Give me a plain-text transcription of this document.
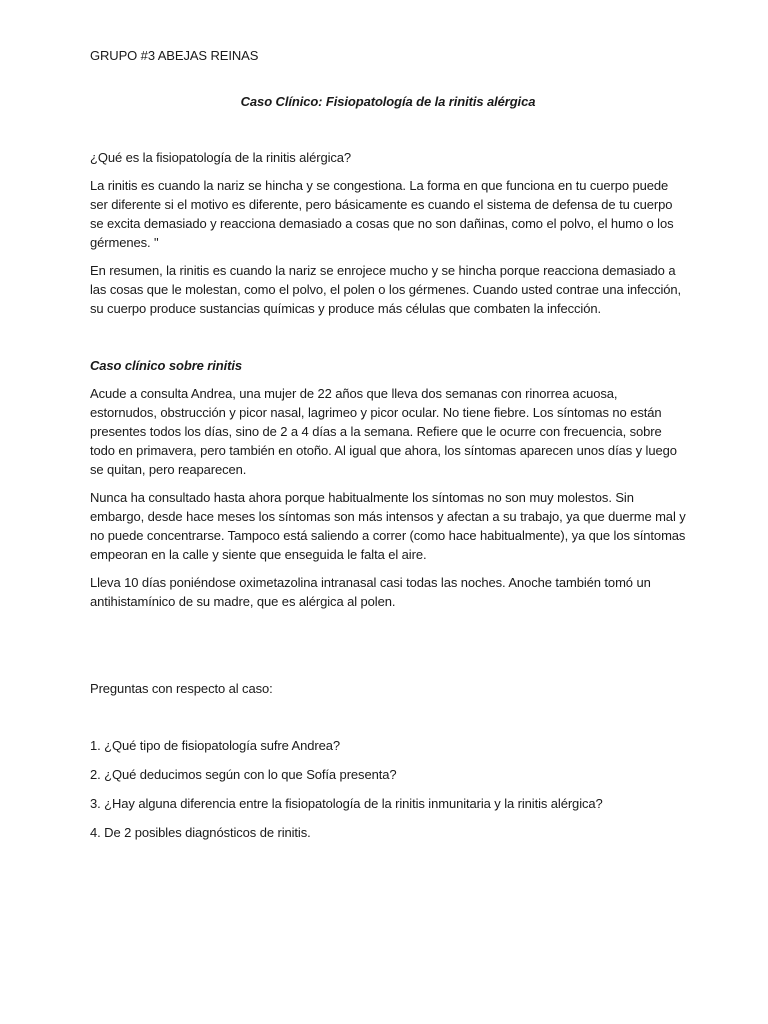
GRUPO #3 ABEJAS REINAS

Caso Clínico: Fisiopatología de la rinitis alérgica

¿Qué es la fisiopatología de la rinitis alérgica?

La rinitis es cuando la nariz se hincha y se congestiona. La forma en que funciona en tu cuerpo puede ser diferente si el motivo es diferente, pero básicamente es cuando el sistema de defensa de tu cuerpo se excita demasiado y reacciona demasiado a cosas que no son dañinas, como el polvo, el humo o los gérmenes. "

En resumen, la rinitis es cuando la nariz se enrojece mucho y se hincha porque reacciona demasiado a las cosas que le molestan, como el polvo, el polen o los gérmenes. Cuando usted contrae una infección, su cuerpo produce sustancias químicas y produce más células que combaten la infección.

Caso clínico sobre rinitis

Acude a consulta Andrea, una mujer de 22 años que lleva dos semanas con rinorrea acuosa, estornudos, obstrucción y picor nasal, lagrimeo y picor ocular. No tiene fiebre. Los síntomas no están presentes todos los días, sino de 2 a 4 días a la semana. Refiere que le ocurre con frecuencia, sobre todo en primavera, pero también en otoño. Al igual que ahora, los síntomas aparecen unos días y luego se quitan, pero reaparecen.

Nunca ha consultado hasta ahora porque habitualmente los síntomas no son muy molestos. Sin embargo, desde hace meses los síntomas son más intensos y afectan a su trabajo, ya que duerme mal y no puede concentrarse. Tampoco está saliendo a correr (como hace habitualmente), ya que los síntomas empeoran en la calle y siente que enseguida le falta el aire.

Lleva 10 días poniéndose oximetazolina intranasal casi todas las noches. Anoche también tomó un antihistamínico de su madre, que es alérgica al polen.

Preguntas con respecto al caso:

1. ¿Qué tipo de fisiopatología sufre Andrea?
2. ¿Qué deducimos según con lo que Sofía presenta?
3. ¿Hay alguna diferencia entre la fisiopatología de la rinitis inmunitaria y la rinitis alérgica?
4. De 2 posibles diagnósticos de rinitis.
